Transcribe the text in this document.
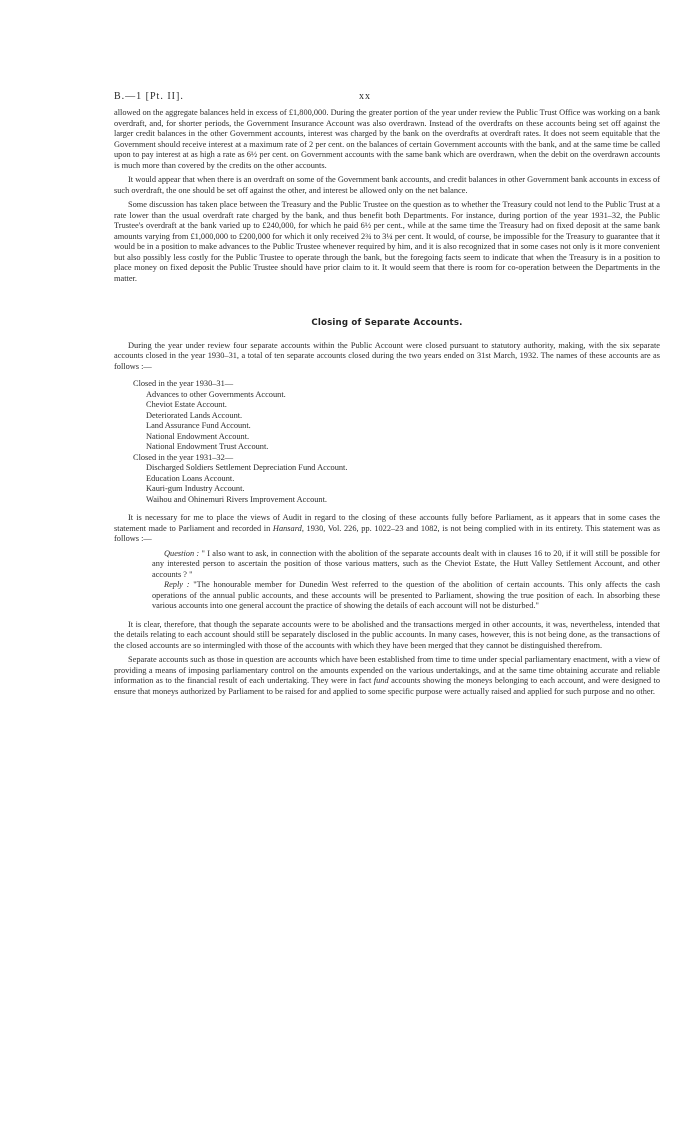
B.—1 [Pt. II].	xx

allowed on the aggregate balances held in excess of £1,800,000. During the greater portion of the year under review the Public Trust Office was working on a bank overdraft, and, for shorter periods, the Government Insurance Account was also overdrawn. Instead of the overdrafts on these accounts being set off against the larger credit balances in the other Government accounts, interest was charged by the bank on the overdrafts at overdraft rates. It does not seem equitable that the Government should receive interest at a maximum rate of 2 per cent. on the balances of certain Government accounts with the bank, and at the same time be called upon to pay interest at as high a rate as 6½ per cent. on Government accounts with the same bank which are overdrawn, when the debit on the overdrawn accounts is much more than covered by the credits on the other accounts.

It would appear that when there is an overdraft on some of the Government bank accounts, and credit balances in other Government bank accounts in excess of such overdraft, the one should be set off against the other, and interest be allowed only on the net balance.

Some discussion has taken place between the Treasury and the Public Trustee on the question as to whether the Treasury could not lend to the Public Trust at a rate lower than the usual overdraft rate charged by the bank, and thus benefit both Departments. For instance, during portion of the year 1931–32, the Public Trustee's overdraft at the bank varied up to £240,000, for which he paid 6½ per cent., while at the same time the Treasury had on fixed deposit at the same bank amounts varying from £1,000,000 to £200,000 for which it only received 2¾ to 3¼ per cent. It would, of course, be impossible for the Treasury to guarantee that it would be in a position to make advances to the Public Trustee whenever required by him, and it is also recognized that in some cases not only is it more convenient but also possibly less costly for the Public Trustee to operate through the bank, but the foregoing facts seem to indicate that when the Treasury is in a position to place money on fixed deposit the Public Trustee should have prior claim to it. It would seem that there is room for co-operation between the Departments in the matter.

Closing of Separate Accounts.

During the year under review four separate accounts within the Public Account were closed pursuant to statutory authority, making, with the six separate accounts closed in the year 1930–31, a total of ten separate accounts closed during the two years ended on 31st March, 1932. The names of these accounts are as follows :—

Closed in the year 1930–31—
Advances to other Governments Account.
Cheviot Estate Account.
Deteriorated Lands Account.
Land Assurance Fund Account.
National Endowment Account.
National Endowment Trust Account.
Closed in the year 1931–32—
Discharged Soldiers Settlement Depreciation Fund Account.
Education Loans Account.
Kauri-gum Industry Account.
Waihou and Ohinemuri Rivers Improvement Account.

It is necessary for me to place the views of Audit in regard to the closing of these accounts fully before Parliament, as it appears that in some cases the statement made to Parliament and recorded in Hansard, 1930, Vol. 226, pp. 1022–23 and 1082, is not being complied with in its entirety. This statement was as follows :—

Question : " I also want to ask, in connection with the abolition of the separate accounts dealt with in clauses 16 to 20, if it will still be possible for any interested person to ascertain the position of those various matters, such as the Cheviot Estate, the Hutt Valley Settlement Account, and other accounts ? "

Reply : "The honourable member for Dunedin West referred to the question of the abolition of certain accounts. This only affects the cash operations of the annual public accounts, and these accounts will be presented to Parliament, showing the true position of each. In absorbing these various accounts into one general account the practice of showing the details of each account will not be disturbed."

It is clear, therefore, that though the separate accounts were to be abolished and the transactions merged in other accounts, it was, nevertheless, intended that the details relating to each account should still be separately disclosed in the public accounts. In many cases, however, this is not being done, as the transactions of the closed accounts are so intermingled with those of the accounts with which they have been merged that they cannot be distinguished therefrom.

Separate accounts such as those in question are accounts which have been established from time to time under special parliamentary enactment, with a view of providing a means of imposing parliamentary control on the amounts expended on the various undertakings, and at the same time obtaining accurate and reliable information as to the financial result of each undertaking. They were in fact fund accounts showing the moneys belonging to each account, and were designed to ensure that moneys authorized by Parliament to be raised for and applied to some specific purpose were actually raised and applied for such purpose and no other.
